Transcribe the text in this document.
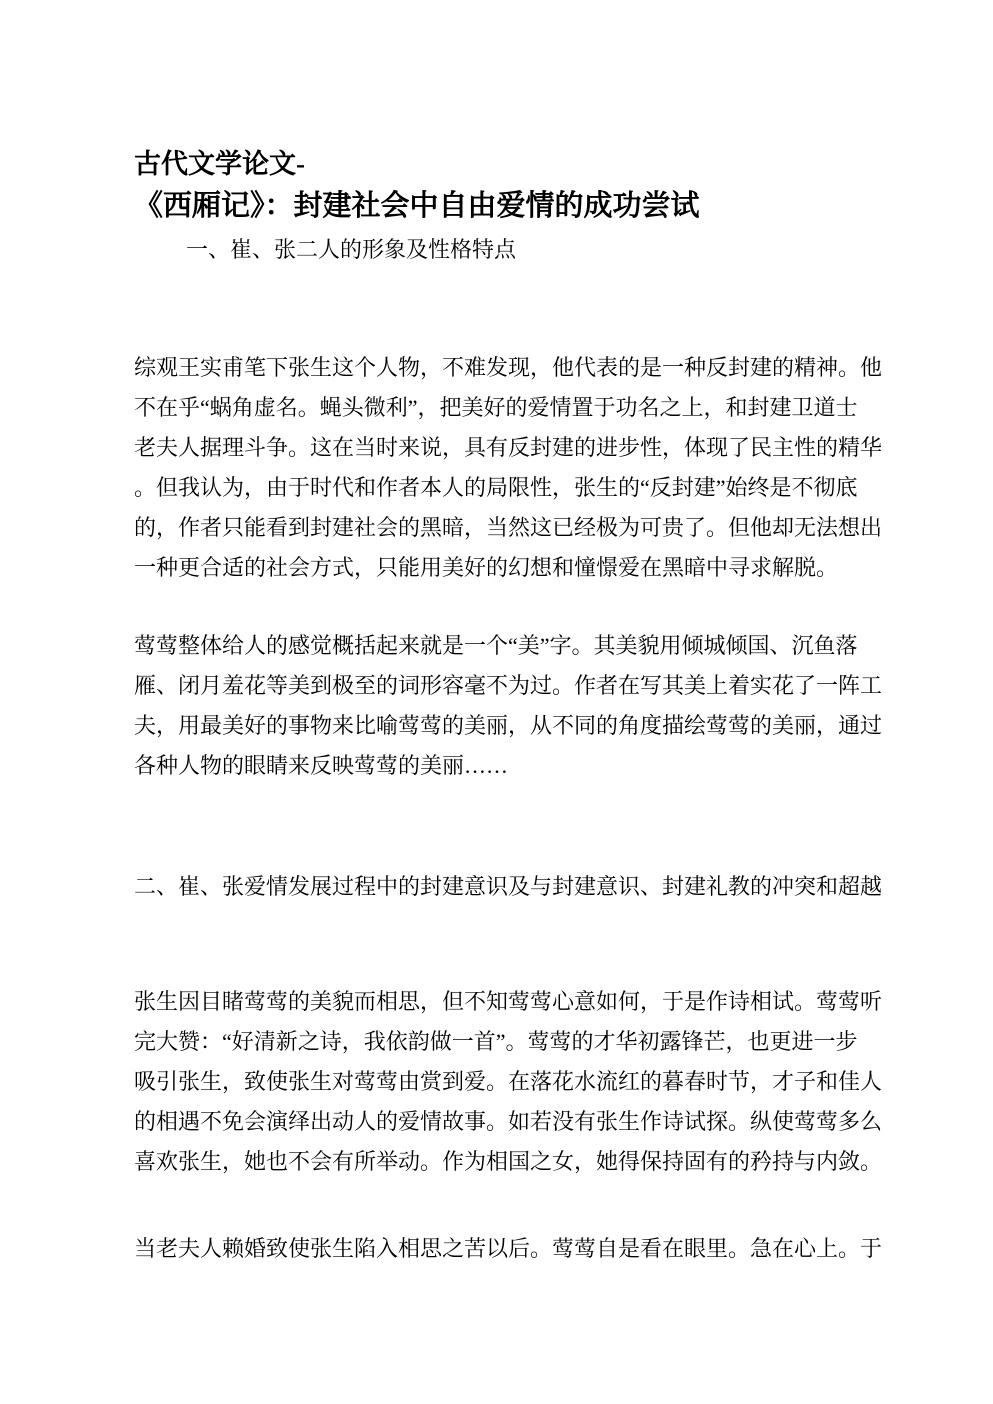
古代文学论文-
《西厢记》：封建社会中自由爱情的成功尝试
一、崔、张二人的形象及性格特点
综观王实甫笔下张生这个人物，不难发现，他代表的是一种反封建的精神。他
不在乎“蜗角虚名。蝇头微利”，把美好的爱情置于功名之上，和封建卫道士
老夫人据理斗争。这在当时来说，具有反封建的进步性，体现了民主性的精华
。但我认为，由于时代和作者本人的局限性，张生的“反封建”始终是不彻底
的，作者只能看到封建社会的黑暗，当然这已经极为可贵了。但他却无法想出
一种更合适的社会方式，只能用美好的幻想和憧憬爱在黑暗中寻求解脱。
莺莺整体给人的感觉概括起来就是一个“美”字。其美貌用倾城倾国、沉鱼落
雁、闭月羞花等美到极至的词形容毫不为过。作者在写其美上着实花了一阵工
夫，用最美好的事物来比喻莺莺的美丽，从不同的角度描绘莺莺的美丽，通过
各种人物的眼睛来反映莺莺的美丽……
二、崔、张爱情发展过程中的封建意识及与封建意识、封建礼教的冲突和超越
张生因目睹莺莺的美貌而相思，但不知莺莺心意如何，于是作诗相试。莺莺听
完大赞：“好清新之诗，我依韵做一首”。莺莺的才华初露锋芒，也更进一步
吸引张生，致使张生对莺莺由赏到爱。在落花水流红的暮春时节，才子和佳人
的相遇不免会演绎出动人的爱情故事。如若没有张生作诗试探。纵使莺莺多么
喜欢张生，她也不会有所举动。作为相国之女，她得保持固有的矜持与内敛。
当老夫人赖婚致使张生陷入相思之苦以后。莺莺自是看在眼里。急在心上。于
